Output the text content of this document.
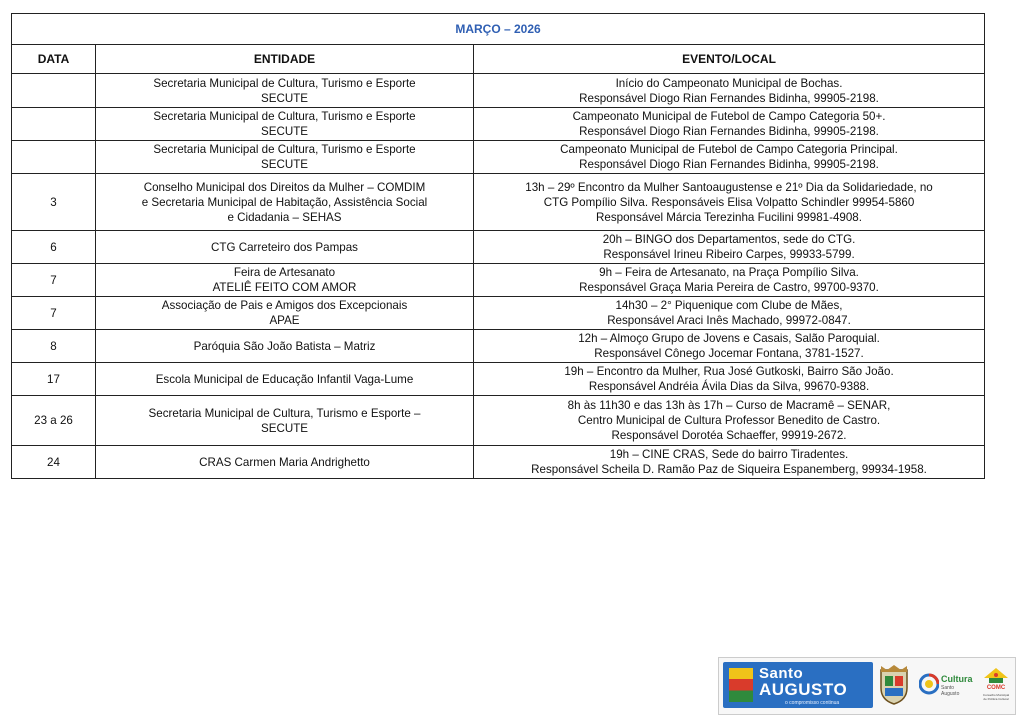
MARÇO – 2026		
DATA	ENTIDADE	EVENTO/LOCAL

	Secretaria Municipal de Cultura, Turismo e Esporte
SECUTE	Início do Campeonato Municipal de Bochas.
Responsável Diogo Rian Fernandes Bidinha, 99905-2198.

	Secretaria Municipal de Cultura, Turismo e Esporte
SECUTE	Campeonato Municipal de Futebol de Campo Categoria 50+.
Responsável Diogo Rian Fernandes Bidinha, 99905-2198.

	Secretaria Municipal de Cultura, Turismo e Esporte
SECUTE	Campeonato Municipal de Futebol de Campo Categoria Principal.
Responsável Diogo Rian Fernandes Bidinha, 99905-2198.

3	Conselho Municipal dos Direitos da Mulher – COMDIM
e Secretaria Municipal de Habitação, Assistência Social
e Cidadania – SEHAS	13h – 29º Encontro da Mulher Santoaugustense e 21º Dia da Solidariedade, no
CTG Pompílio Silva. Responsáveis Elisa Volpatto Schindler 99954-5860
Responsável Márcia Terezinha Fucilini 99981-4908.

6	CTG Carreteiro dos Pampas	20h – BINGO dos Departamentos, sede do CTG.
Responsável Irineu Ribeiro Carpes, 99933-5799.

7	Feira de Artesanato
ATELIÊ FEITO COM AMOR	9h – Feira de Artesanato, na Praça Pompílio Silva.
Responsável Graça Maria Pereira de Castro, 99700-9370.

7	Associação de Pais e Amigos dos Excepcionais
APAE	14h30 – 2° Piquenique com Clube de Mães,
Responsável Araci Inês Machado, 99972-0847.

8	Paróquia São João Batista – Matriz	12h – Almoço Grupo de Jovens e Casais, Salão Paroquial.
Responsável Cônego Jocemar Fontana, 3781-1527.

17	Escola Municipal de Educação Infantil Vaga-Lume	19h – Encontro da Mulher, Rua José Gutkoski, Bairro São João.
Responsável Andréia Ávila Dias da Silva, 99670-9388.

23 a 26	Secretaria Municipal de Cultura, Turismo e Esporte –
SECUTE	8h às 11h30 e das 13h às 17h – Curso de Macramê – SENAR,
Centro Municipal de Cultura Professor Benedito de Castro.
Responsável Dorotéa Schaeffer, 99919-2672.

24	CRAS Carmen Maria Andrighetto	19h – CINE CRAS, Sede do bairro Tiradentes.
Responsável Scheila D. Ramão Paz de Siqueira Espanemberg, 99934-1958.
Santo
AUGUSTO
o compromisso continua
Cultura
Santo Augusto
COMC
Conselho Municipal de Política Cultural
